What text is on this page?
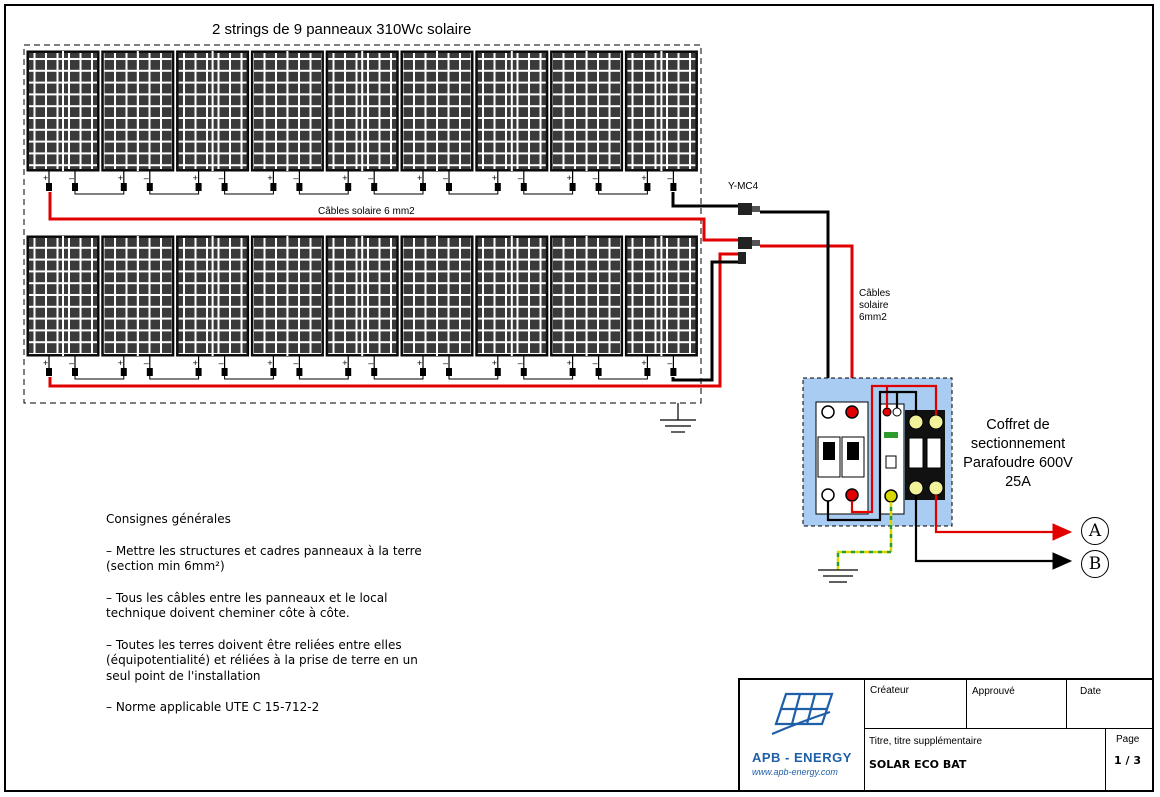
+ –	+ –	+ –	+ –	+ –	+ –	+ –	+ –	+ –
+ –	+ –	+ –	+ –	+ –	+ –	+ –	+ –	+ –
2 strings de 9 panneaux 310Wc solaire
Y-MC4
Câbles solaire 6 mm2
Câbles solaire 6mm2
Coffret de sectionnement Parafoudre 600V 25A
A
B

Consignes générales

– Mettre les structures et cadres panneaux à la terre (section min 6mm²)

– Tous les câbles entre les panneaux et le local technique doivent cheminer côte à côte.

– Toutes les terres doivent être reliées entre elles (équipotentialité) et réliées à la prise de terre en un seul point de l'installation

– Norme applicable UTE C 15-712-2

Créateur	Approuvé	Date
Titre, titre supplémentaire
SOLAR ECO BAT
Page
1 / 3
APB - ENERGY
www.apb-energy.com
